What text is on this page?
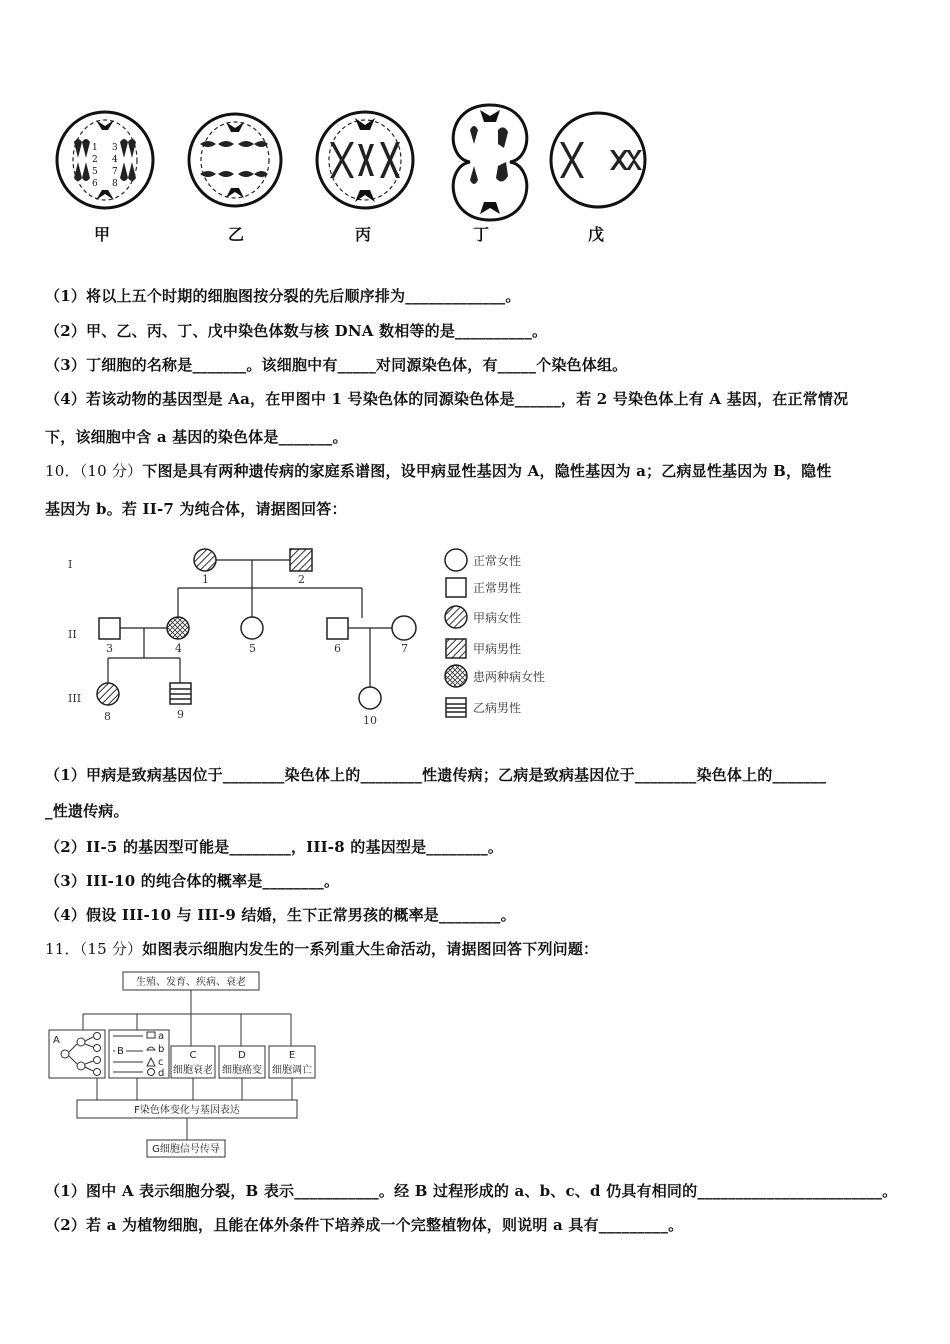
1
2
5
6
3
4
7
8
甲	乙	丙	丁	戊
（1）将以上五个时期的细胞图按分裂的先后顺序排为_____________。
（2）甲、乙、丙、丁、戊中染色体数与核 DNA 数相等的是__________。
（3）丁细胞的名称是_______。该细胞中有_____对同源染色体，有_____个染色体组。
（4）若该动物的基因型是 Aa，在甲图中 1 号染色体的同源染色体是______，若 2 号染色体上有 A 基因，在正常情况
下，该细胞中含 a 基因的染色体是_______。
10．（10 分）下图是具有两种遗传病的家庭系谱图，设甲病显性基因为 A，隐性基因为 a；乙病显性基因为 B，隐性
基因为 b。若 II-7 为纯合体，请据图回答：
I
II
III
1	2
3	4	5	6	7
8	9	10
正常女性
正常男性
甲病女性
甲病男性
患两种病女性
乙病男性
（1）甲病是致病基因位于________染色体上的________性遗传病；乙病是致病基因位于________染色体上的_______
_性遗传病。
（2）II-5 的基因型可能是________，III-8 的基因型是________。
（3）III-10 的纯合体的概率是________。
（4）假设 III-10 与 III-9 结婚，生下正常男孩的概率是________。
11．（15 分）如图表示细胞内发生的一系列重大生命活动，请据图回答下列问题：
生殖、发育、疾病、衰老
A
B
a
b
c
d
C
细胞衰老
D
细胞癌变
E
细胞调亡
F染色体变化与基因表达
G细胞信号传导
（1）图中 A 表示细胞分裂，B 表示___________。经 B 过程形成的 a、b、c、d 仍具有相同的________________________。
（2）若 a 为植物细胞，且能在体外条件下培养成一个完整植物体，则说明 a 具有_________。
